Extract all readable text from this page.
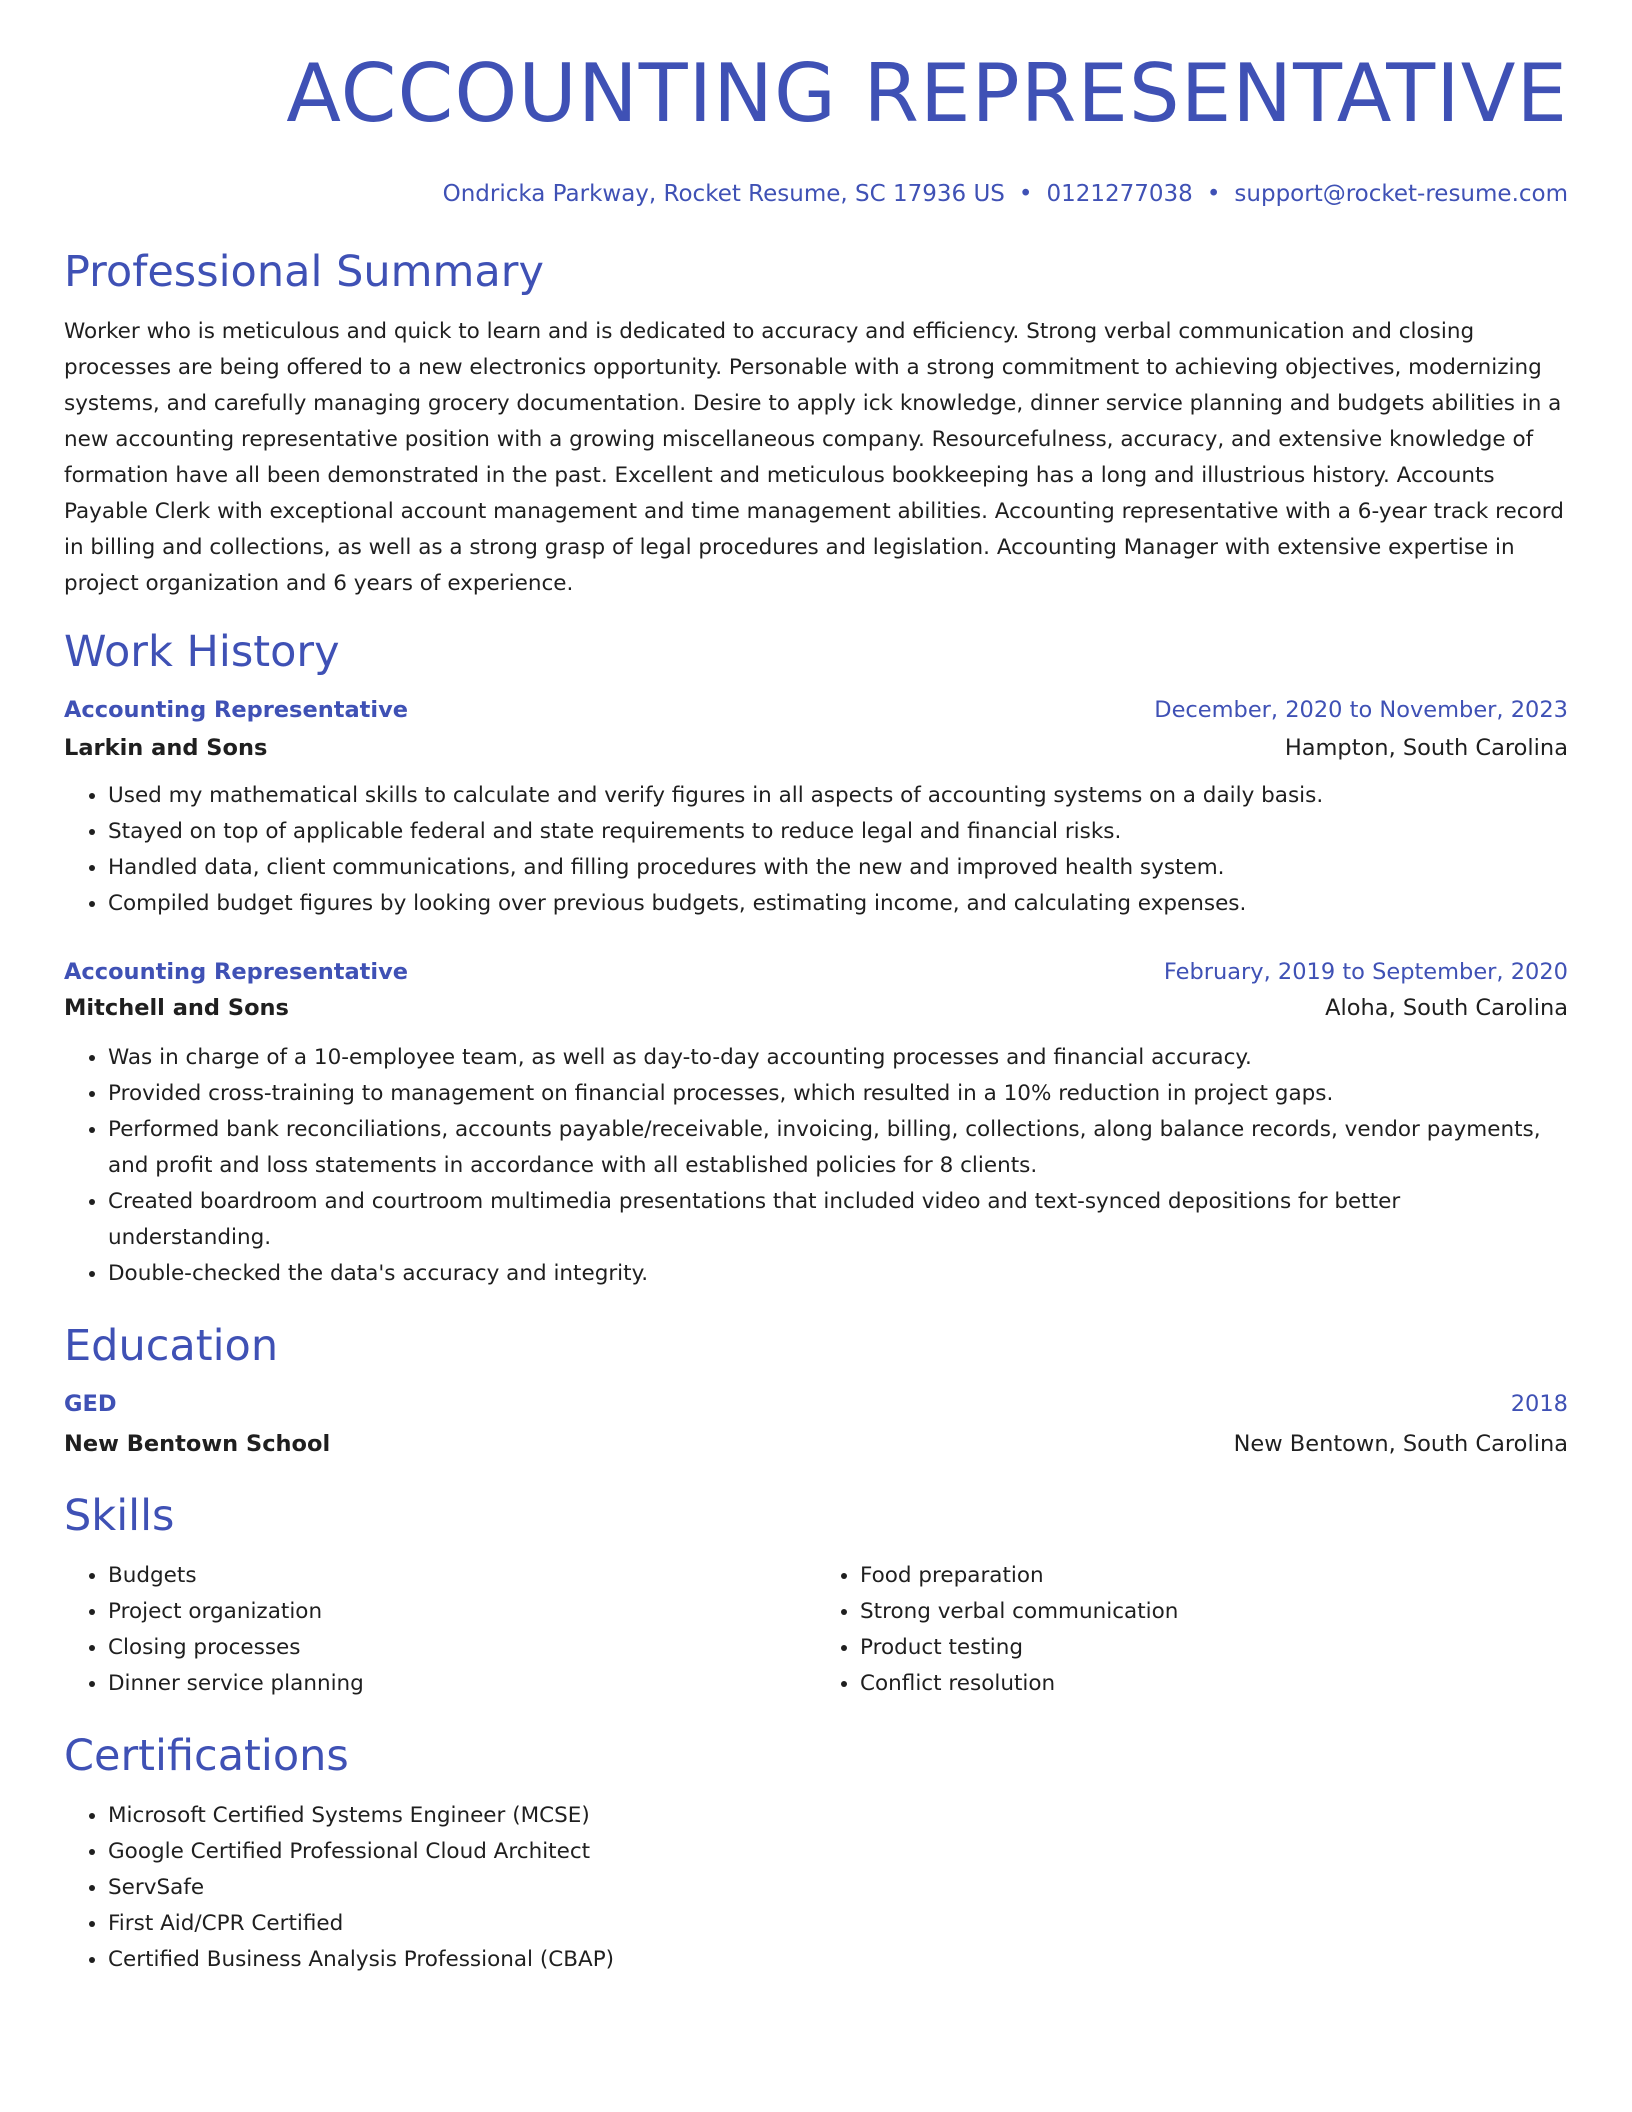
ACCOUNTING REPRESENTATIVE
Ondricka Parkway, Rocket Resume, SC 17936 US • 0121277038 • support@rocket-resume.com
Professional Summary

Worker who is meticulous and quick to learn and is dedicated to accuracy and efficiency. Strong verbal communication and closing processes are being offered to a new electronics opportunity. Personable with a strong commitment to achieving objectives, modernizing systems, and carefully managing grocery documentation. Desire to apply ick knowledge, dinner service planning and budgets abilities in a new accounting representative position with a growing miscellaneous company. Resourcefulness, accuracy, and extensive knowledge of formation have all been demonstrated in the past. Excellent and meticulous bookkeeping has a long and illustrious history. Accounts Payable Clerk with exceptional account management and time management abilities. Accounting representative with a 6-year track record in billing and collections, as well as a strong grasp of legal procedures and legislation. Accounting Manager with extensive expertise in project organization and 6 years of experience.

Work History
Accounting Representative	December, 2020 to November, 2023
Larkin and Sons	Hampton, South Carolina
• Used my mathematical skills to calculate and verify figures in all aspects of accounting systems on a daily basis.
• Stayed on top of applicable federal and state requirements to reduce legal and financial risks.
• Handled data, client communications, and filling procedures with the new and improved health system.
• Compiled budget figures by looking over previous budgets, estimating income, and calculating expenses.
Accounting Representative	February, 2019 to September, 2020
Mitchell and Sons	Aloha, South Carolina
• Was in charge of a 10-employee team, as well as day-to-day accounting processes and financial accuracy.
• Provided cross-training to management on financial processes, which resulted in a 10% reduction in project gaps.
• Performed bank reconciliations, accounts payable/receivable, invoicing, billing, collections, along balance records, vendor payments, and profit and loss statements in accordance with all established policies for 8 clients.
• Created boardroom and courtroom multimedia presentations that included video and text-synced depositions for better understanding.
• Double-checked the data's accuracy and integrity.
Education
GED	2018
New Bentown School	New Bentown, South Carolina
Skills
• Budgets
• Project organization
• Closing processes
• Dinner service planning
• Food preparation
• Strong verbal communication
• Product testing
• Conflict resolution
Certifications
• Microsoft Certified Systems Engineer (MCSE)
• Google Certified Professional Cloud Architect
• ServSafe
• First Aid/CPR Certified
• Certified Business Analysis Professional (CBAP)
